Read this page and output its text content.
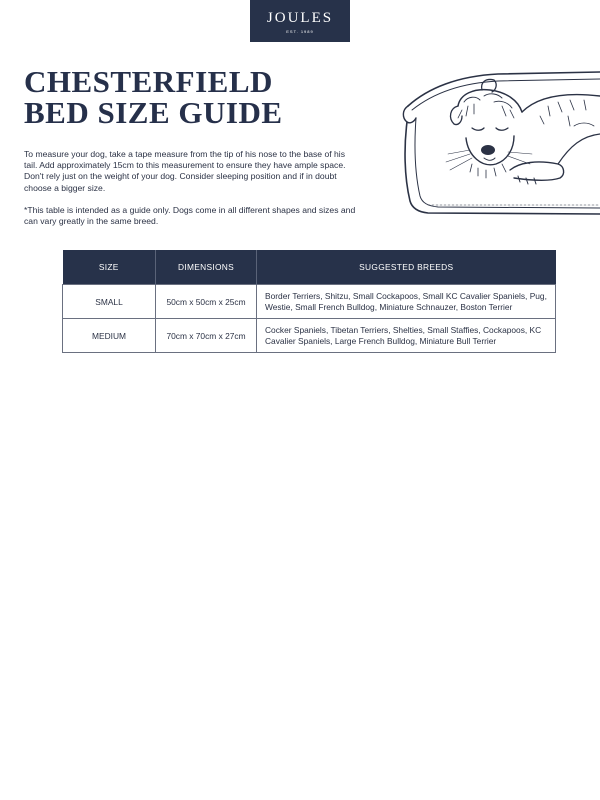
JOULES
EST. 1989
CHESTERFIELD
BED SIZE GUIDE

To measure your dog, take a tape measure from the tip of his nose to the base of his tail. Add approximately 15cm to this measurement to ensure they have ample space. Don't rely just on the weight of your dog. Consider sleeping position and if in doubt choose a bigger size.

*This table is intended as a guide only. Dogs come in all different shapes and sizes and can vary greatly in the same breed.

SIZE	DIMENSIONS	SUGGESTED BREEDS
SMALL	50cm x 50cm x 25cm	Border Terriers, Shitzu, Small Cockapoos, Small KC Cavalier Spaniels, Pug, Westie, Small French Bulldog, Miniature Schnauzer, Boston Terrier
MEDIUM	70cm x 70cm x 27cm	Cocker Spaniels, Tibetan Terriers, Shelties, Small Staffies, Cockapoos, KC Cavalier Spaniels, Large French Bulldog, Miniature Bull Terrier
